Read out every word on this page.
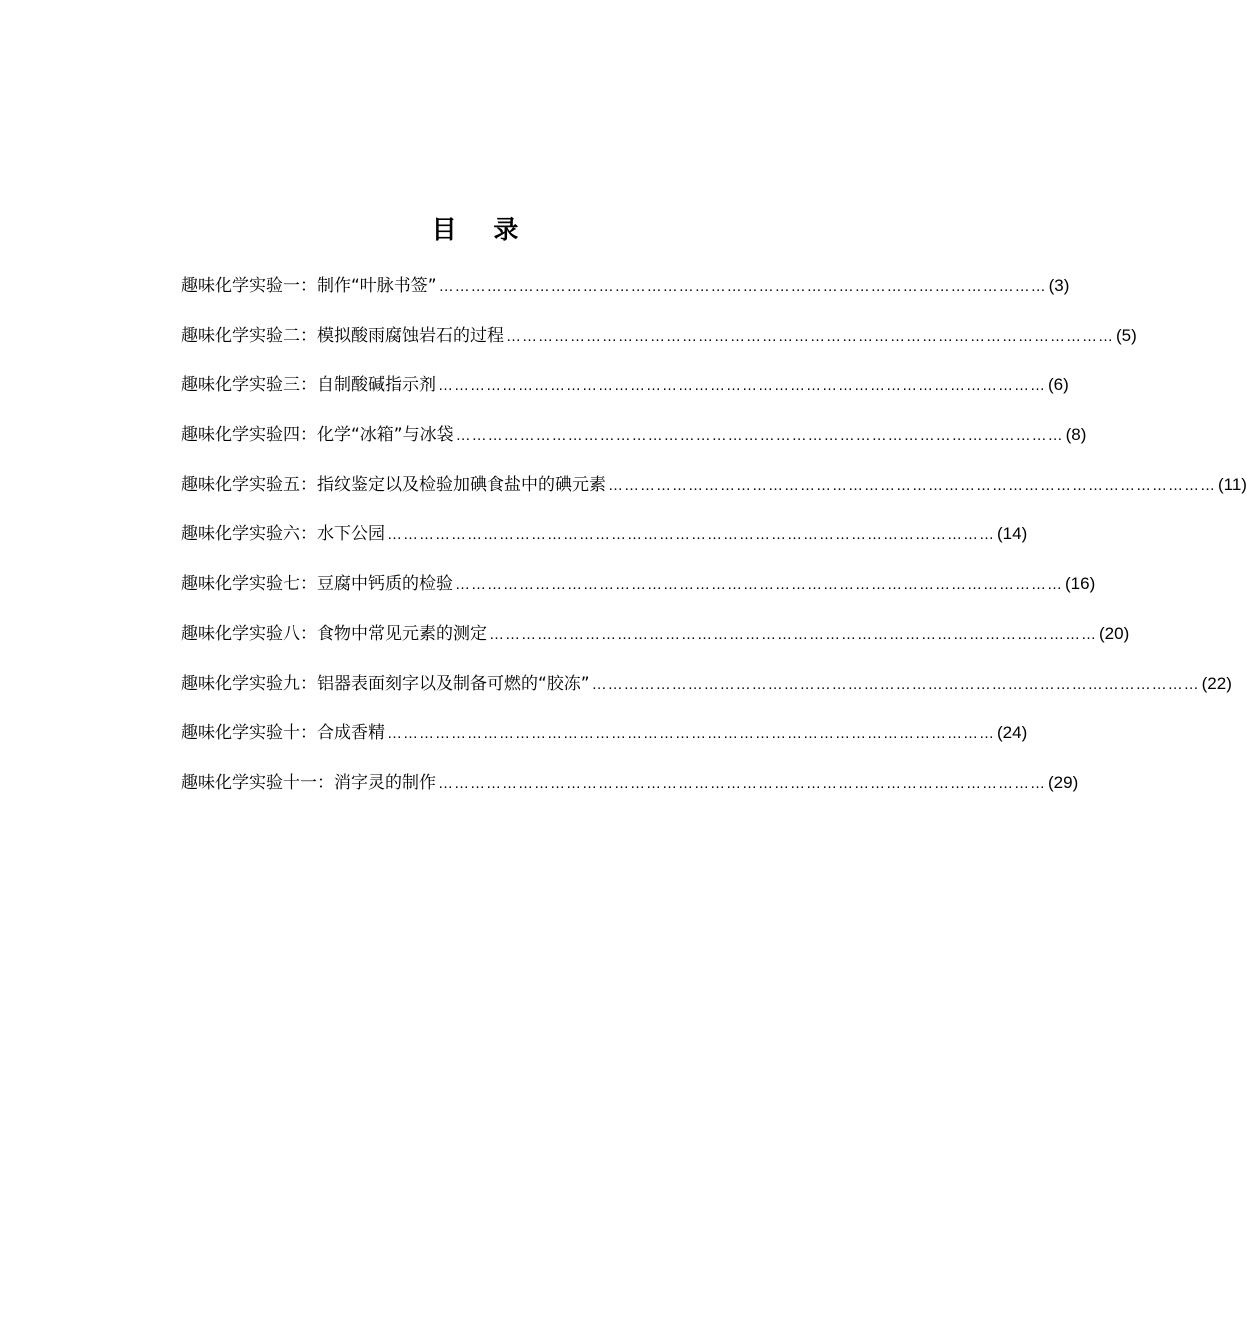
目 录
趣味化学实验一：制作“叶脉书签” …………………………………………………………………………………………………… (3)
趣味化学实验二：模拟酸雨腐蚀岩石的过程 …………………………………………………………………………………………………… (5)
趣味化学实验三：自制酸碱指示剂 …………………………………………………………………………………………………… (6)
趣味化学实验四：化学“冰箱”与冰袋 …………………………………………………………………………………………………… (8)
趣味化学实验五：指纹鉴定以及检验加碘食盐中的碘元素 …………………………………………………………………………………………………… (11)
趣味化学实验六：水下公园 …………………………………………………………………………………………………… (14)
趣味化学实验七：豆腐中钙质的检验 …………………………………………………………………………………………………… (16)
趣味化学实验八：食物中常见元素的测定 …………………………………………………………………………………………………… (20)
趣味化学实验九：铝器表面刻字以及制备可燃的“胶冻” …………………………………………………………………………………………………… (22)
趣味化学实验十：合成香精 …………………………………………………………………………………………………… (24)
趣味化学实验十一：消字灵的制作 …………………………………………………………………………………………………… (29)
